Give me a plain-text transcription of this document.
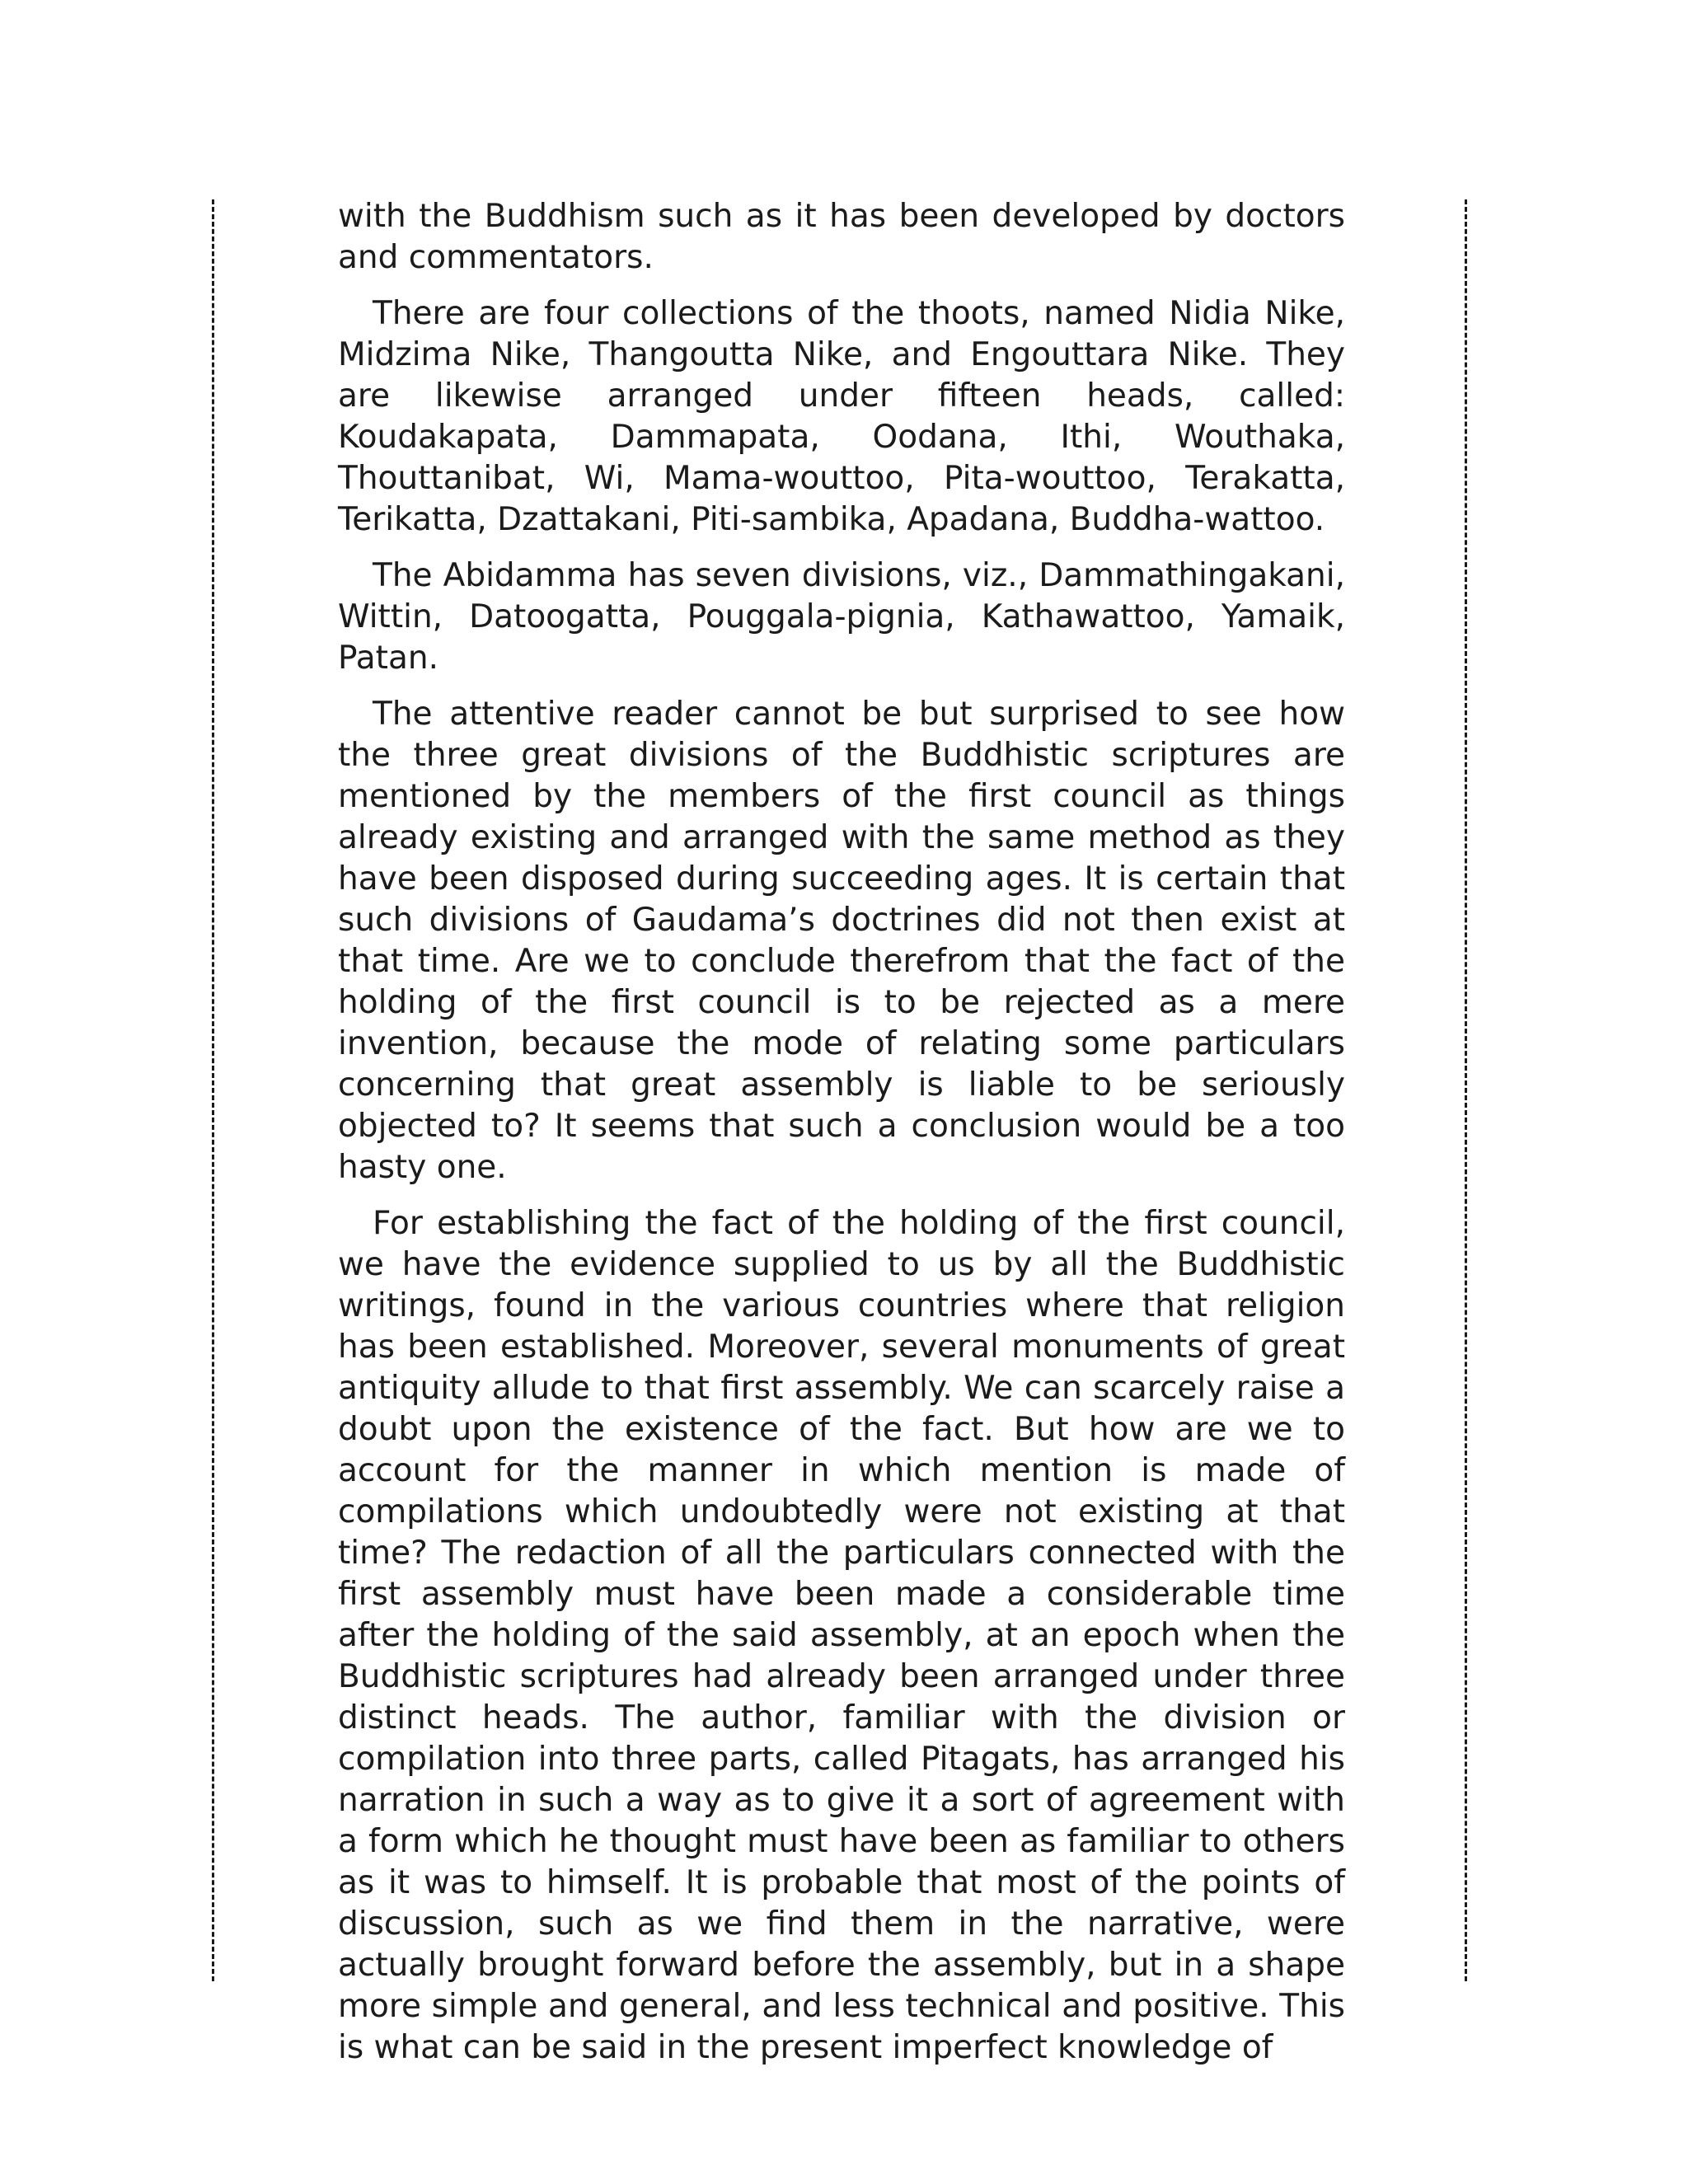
with the Buddhism such as it has been developed by doctors and commentators.

There are four collections of the thoots, named Nidia Nike, Midzima Nike, Thangoutta Nike, and Engouttara Nike. They are likewise arranged under fifteen heads, called: Koudakapata, Dammapata, Oodana, Ithi, Wouthaka, Thouttanibat, Wi, Mama-wouttoo, Pita-wouttoo, Terakatta, Terikatta, Dzattakani, Piti-sambika, Apadana, Buddha-wattoo.

The Abidamma has seven divisions, viz., Dammathingakani, Wittin, Datoogatta, Pouggala-pignia, Kathawattoo, Yamaik, Patan.

The attentive reader cannot be but surprised to see how the three great divisions of the Buddhistic scriptures are mentioned by the members of the first council as things already existing and arranged with the same method as they have been disposed during succeeding ages. It is certain that such divisions of Gaudama’s doctrines did not then exist at that time. Are we to conclude therefrom that the fact of the holding of the first council is to be rejected as a mere invention, because the mode of relating some particulars concerning that great assembly is liable to be seriously objected to? It seems that such a conclusion would be a too hasty one.

For establishing the fact of the holding of the first council, we have the evidence supplied to us by all the Buddhistic writings, found in the various countries where that religion has been established. Moreover, several monuments of great antiquity allude to that first assembly. We can scarcely raise a doubt upon the existence of the fact. But how are we to account for the manner in which mention is made of compilations which undoubtedly were not existing at that time? The redaction of all the particulars connected with the first assembly must have been made a considerable time after the holding of the said assembly, at an epoch when the Buddhistic scriptures had already been arranged under three distinct heads. The author, familiar with the division or compilation into three parts, called Pitagats, has arranged his narration in such a way as to give it a sort of agreement with a form which he thought must have been as familiar to others as it was to himself. It is probable that most of the points of discussion, such as we find them in the narrative, were actually brought forward before the assembly, but in a shape more simple and general, and less technical and positive. This is what can be said in the present imperfect knowledge of
